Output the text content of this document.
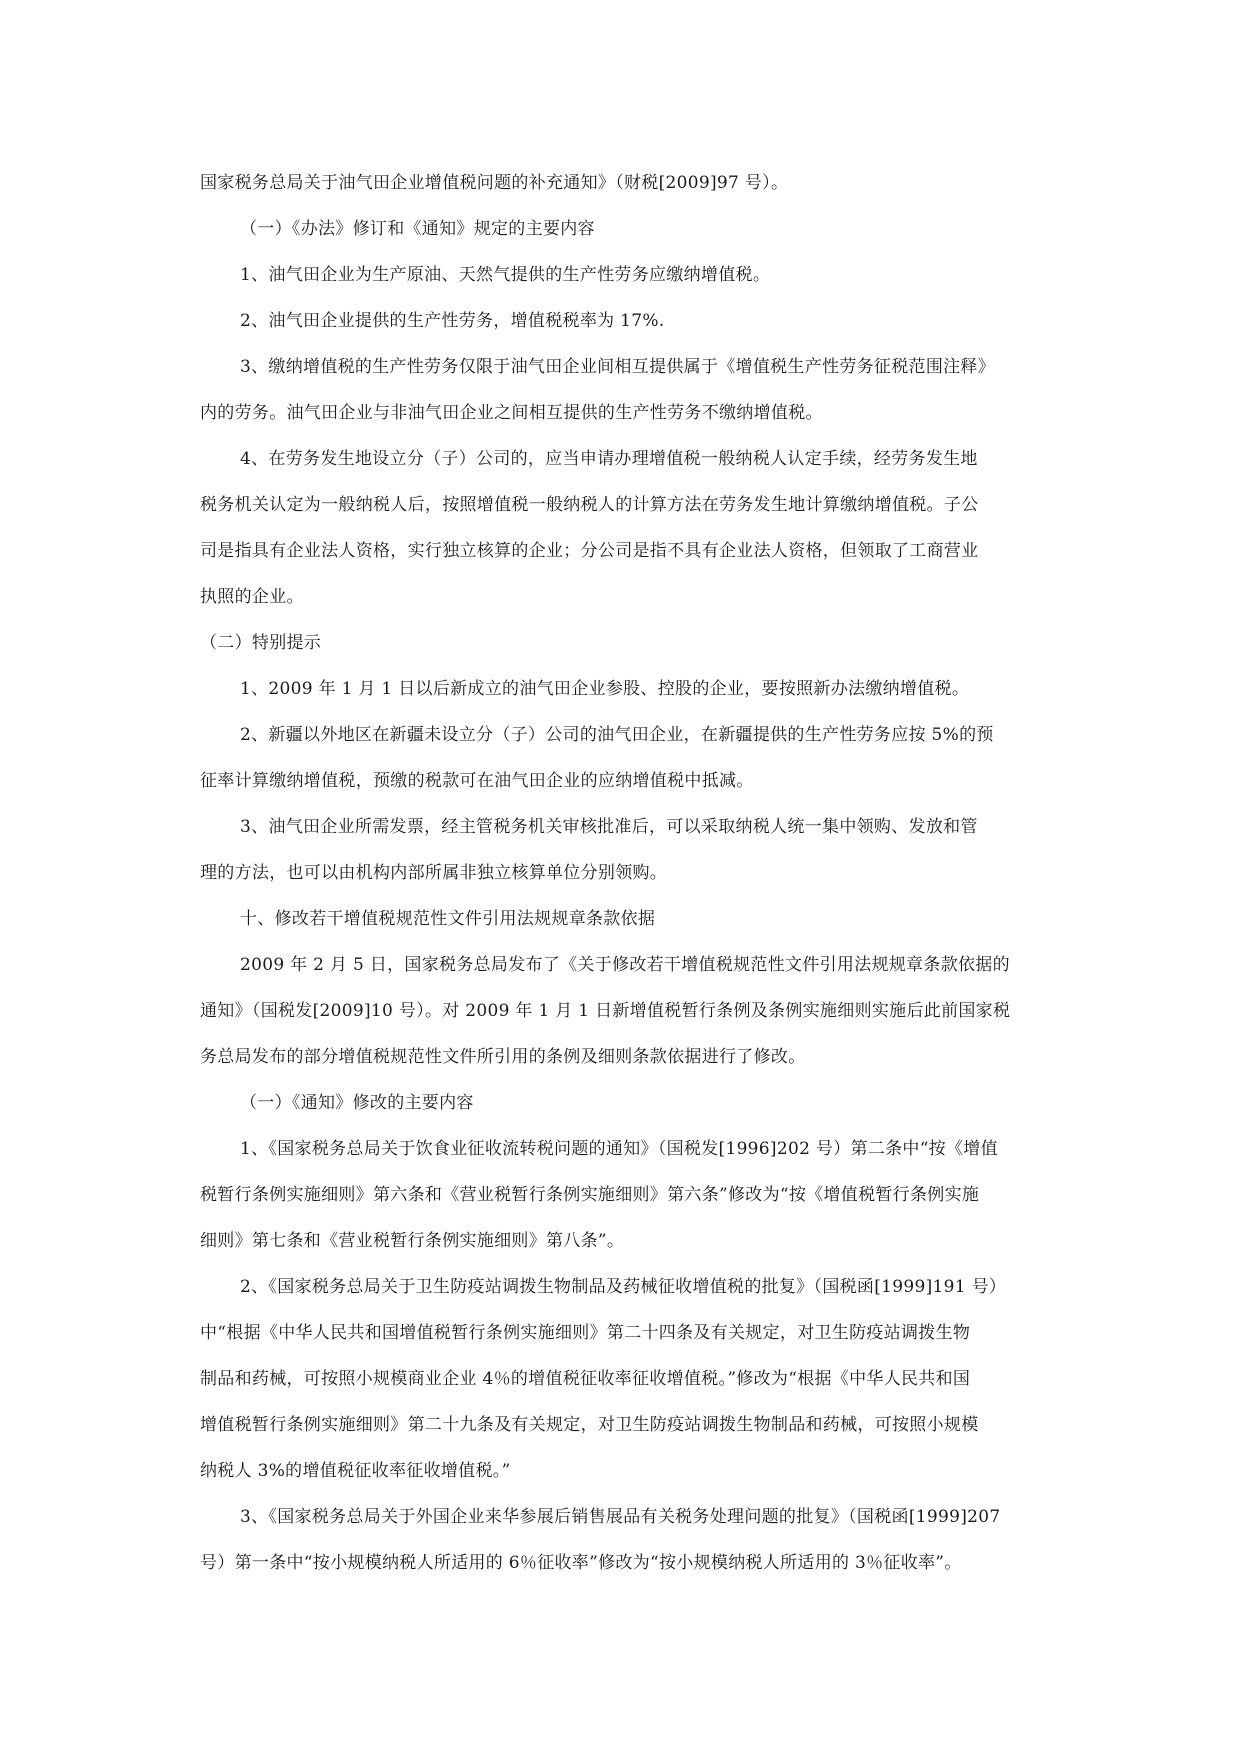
国家税务总局关于油气田企业增值税问题的补充通知》（财税[2009]97 号）。
（一）《办法》修订和《通知》规定的主要内容
1、油气田企业为生产原油、天然气提供的生产性劳务应缴纳增值税。
2、油气田企业提供的生产性劳务，增值税税率为 17%.
3、缴纳增值税的生产性劳务仅限于油气田企业间相互提供属于《增值税生产性劳务征税范围注释》
内的劳务。油气田企业与非油气田企业之间相互提供的生产性劳务不缴纳增值税。
4、在劳务发生地设立分（子）公司的，应当申请办理增值税一般纳税人认定手续，经劳务发生地
税务机关认定为一般纳税人后，按照增值税一般纳税人的计算方法在劳务发生地计算缴纳增值税。子公
司是指具有企业法人资格，实行独立核算的企业；分公司是指不具有企业法人资格，但领取了工商营业
执照的企业。
（二）特别提示
1、2009 年 1 月 1 日以后新成立的油气田企业参股、控股的企业，要按照新办法缴纳增值税。
2、新疆以外地区在新疆未设立分（子）公司的油气田企业，在新疆提供的生产性劳务应按 5%的预
征率计算缴纳增值税，预缴的税款可在油气田企业的应纳增值税中抵减。
3、油气田企业所需发票，经主管税务机关审核批准后，可以采取纳税人统一集中领购、发放和管
理的方法，也可以由机构内部所属非独立核算单位分别领购。
十、修改若干增值税规范性文件引用法规规章条款依据
2009 年 2 月 5 日，国家税务总局发布了《关于修改若干增值税规范性文件引用法规规章条款依据的
通知》（国税发[2009]10 号）。对 2009 年 1 月 1 日新增值税暂行条例及条例实施细则实施后此前国家税
务总局发布的部分增值税规范性文件所引用的条例及细则条款依据进行了修改。
（一）《通知》修改的主要内容
1、《国家税务总局关于饮食业征收流转税问题的通知》（国税发[1996]202 号）第二条中“按《增值
税暂行条例实施细则》第六条和《营业税暂行条例实施细则》第六条”修改为“按《增值税暂行条例实施
细则》第七条和《营业税暂行条例实施细则》第八条”。
2、《国家税务总局关于卫生防疫站调拨生物制品及药械征收增值税的批复》（国税函[1999]191 号）
中“根据《中华人民共和国增值税暂行条例实施细则》第二十四条及有关规定，对卫生防疫站调拨生物
制品和药械，可按照小规模商业企业 4％的增值税征收率征收增值税。”修改为“根据《中华人民共和国
增值税暂行条例实施细则》第二十九条及有关规定，对卫生防疫站调拨生物制品和药械，可按照小规模
纳税人 3%的增值税征收率征收增值税。”
3、《国家税务总局关于外国企业来华参展后销售展品有关税务处理问题的批复》（国税函[1999]207
号）第一条中“按小规模纳税人所适用的 6％征收率”修改为“按小规模纳税人所适用的 3％征收率”。
